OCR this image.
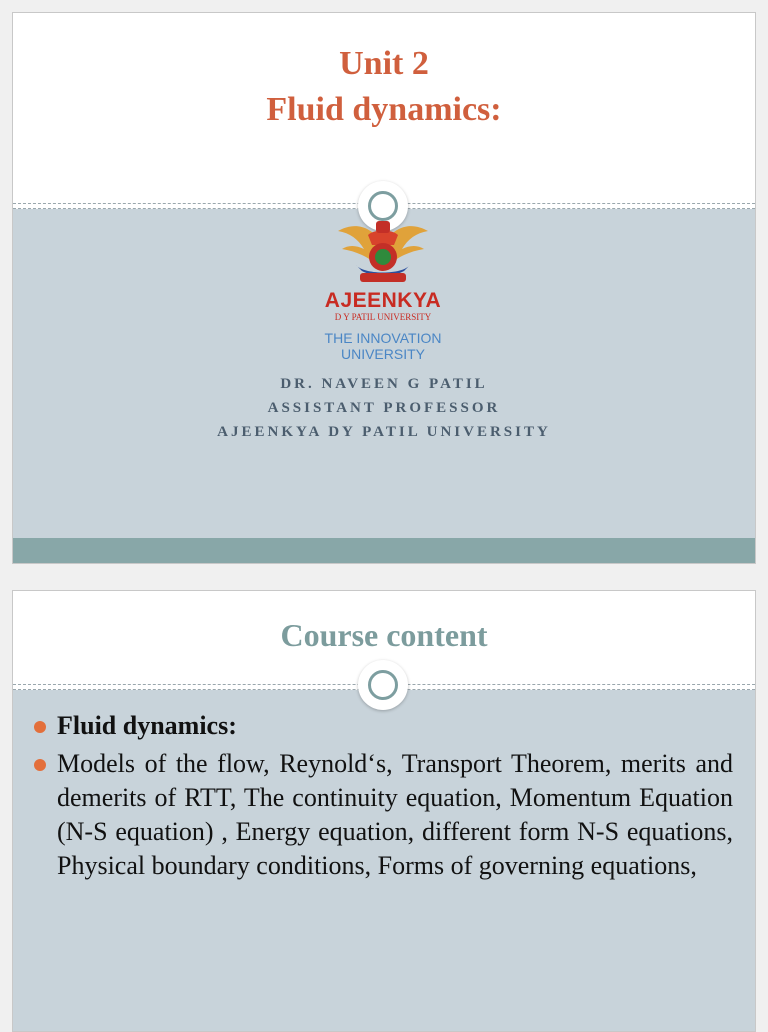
Unit 2
Fluid dynamics:
AJEENKYA
D Y PATIL UNIVERSITY
THE INNOVATION
UNIVERSITY
DR. NAVEEN G PATIL
ASSISTANT PROFESSOR
AJEENKYA DY PATIL UNIVERSITY
Course content
Fluid dynamics:
Models of the flow, Reynold‘s, Transport Theorem, merits and demerits of RTT, The continuity equation, Momentum Equation (N-S equation) , Energy equation, different form N-S equations, Physical boundary conditions, Forms of governing equations,
